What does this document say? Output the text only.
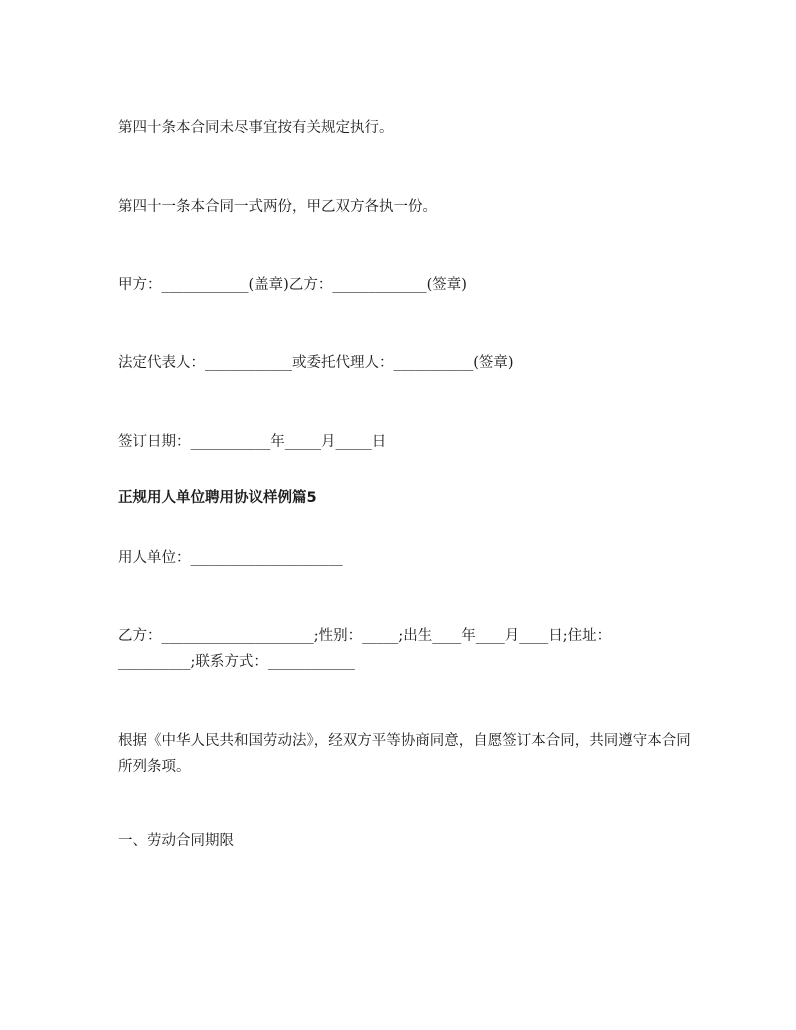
第四十条本合同未尽事宜按有关规定执行。
第四十一条本合同一式两份，甲乙双方各执一份。
甲方：____________(盖章)乙方：_____________(签章)
法定代表人：____________或委托代理人：___________(签章)
签订日期：___________年_____月_____日
正规用人单位聘用协议样例篇5
用人单位：_____________________
乙方：_____________________;性别：_____;出生____年____月____日;住址：
__________;联系方式：____________
根据《中华人民共和国劳动法》，经双方平等协商同意，自愿签订本合同，共同遵守本合同所列条项。
一、劳动合同期限
